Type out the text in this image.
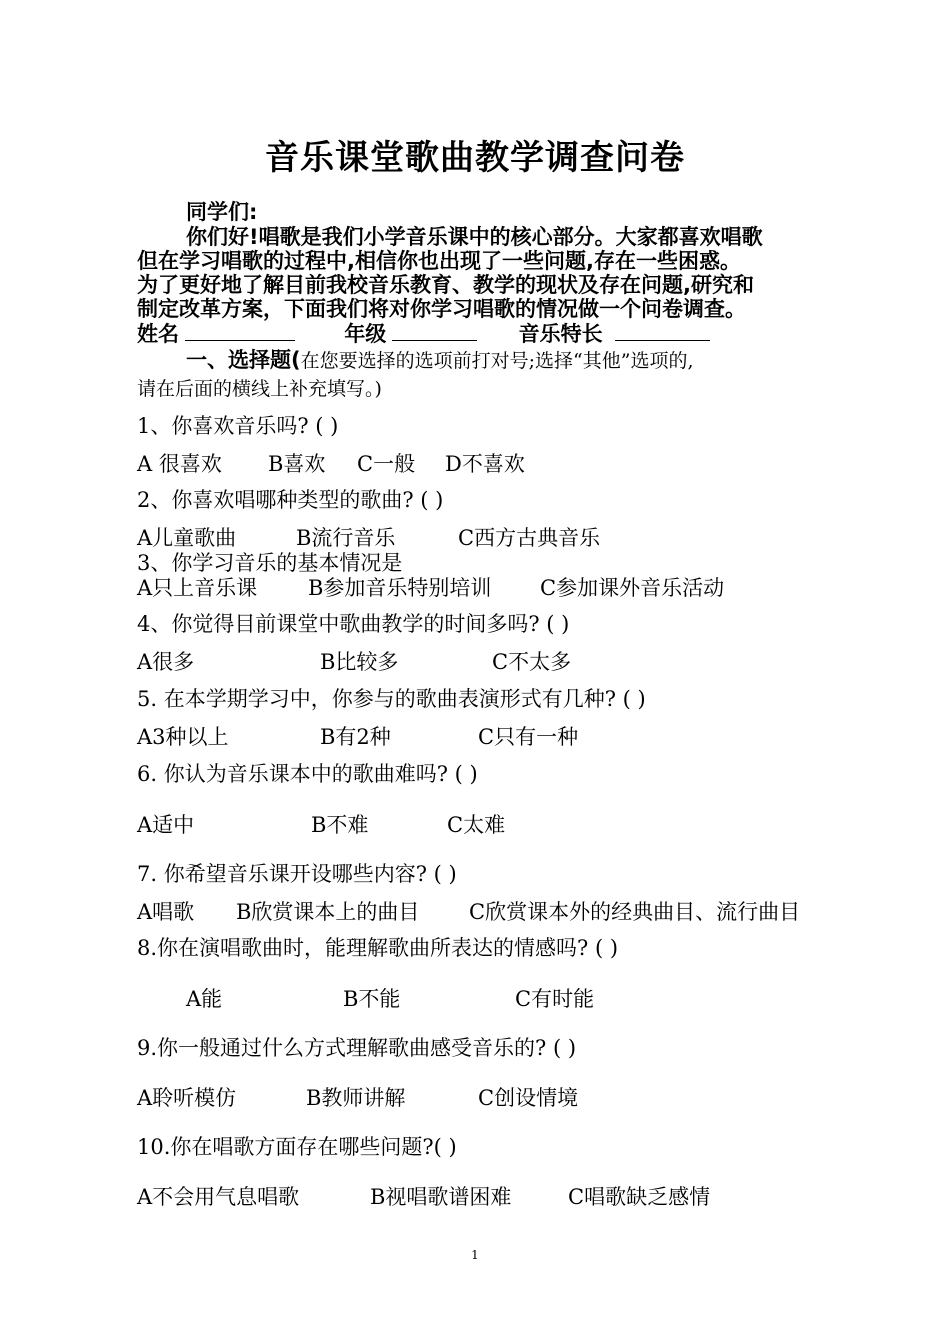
音乐课堂歌曲教学调查问卷
同学们:
你们好!唱歌是我们小学音乐课中的核心部分。大家都喜欢唱歌
但在学习唱歌的过程中,相信你也出现了一些问题,存在一些困惑。
为了更好地了解目前我校音乐教育、教学的现状及存在问题,研究和
制定改革方案，下面我们将对你学习唱歌的情况做一个问卷调查。
姓名	年级	音乐特长
一、选择题(在您要选择的选项前打对号;选择“其他”选项的,
请在后面的横线上补充填写。)
1、你喜欢音乐吗? ( )
A 很喜欢 B喜欢 C一般 D不喜欢
2、你喜欢唱哪种类型的歌曲? ( )
A儿童歌曲	B流行音乐	C西方古典音乐
3、你学习音乐的基本情况是
A只上音乐课 B参加音乐特别培训 C参加课外音乐活动
4、你觉得目前课堂中歌曲教学的时间多吗? ( )
A很多	B比较多	C不太多
5. 在本学期学习中，你参与的歌曲表演形式有几种? ( )
A3种以上	B有2种	C只有一种
6. 你认为音乐课本中的歌曲难吗? ( )
A适中	B不难	C太难
7. 你希望音乐课开设哪些内容? ( )
A唱歌 B欣赏课本上的曲目 C欣赏课本外的经典曲目、流行曲目
8.你在演唱歌曲时，能理解歌曲所表达的情感吗? ( )
A能	B不能	C有时能
9.你一般通过什么方式理解歌曲感受音乐的? ( )
A聆听模仿	B教师讲解	C创设情境
10.你在唱歌方面存在哪些问题?( )
A不会用气息唱歌	B视唱歌谱困难	C唱歌缺乏感情
1
